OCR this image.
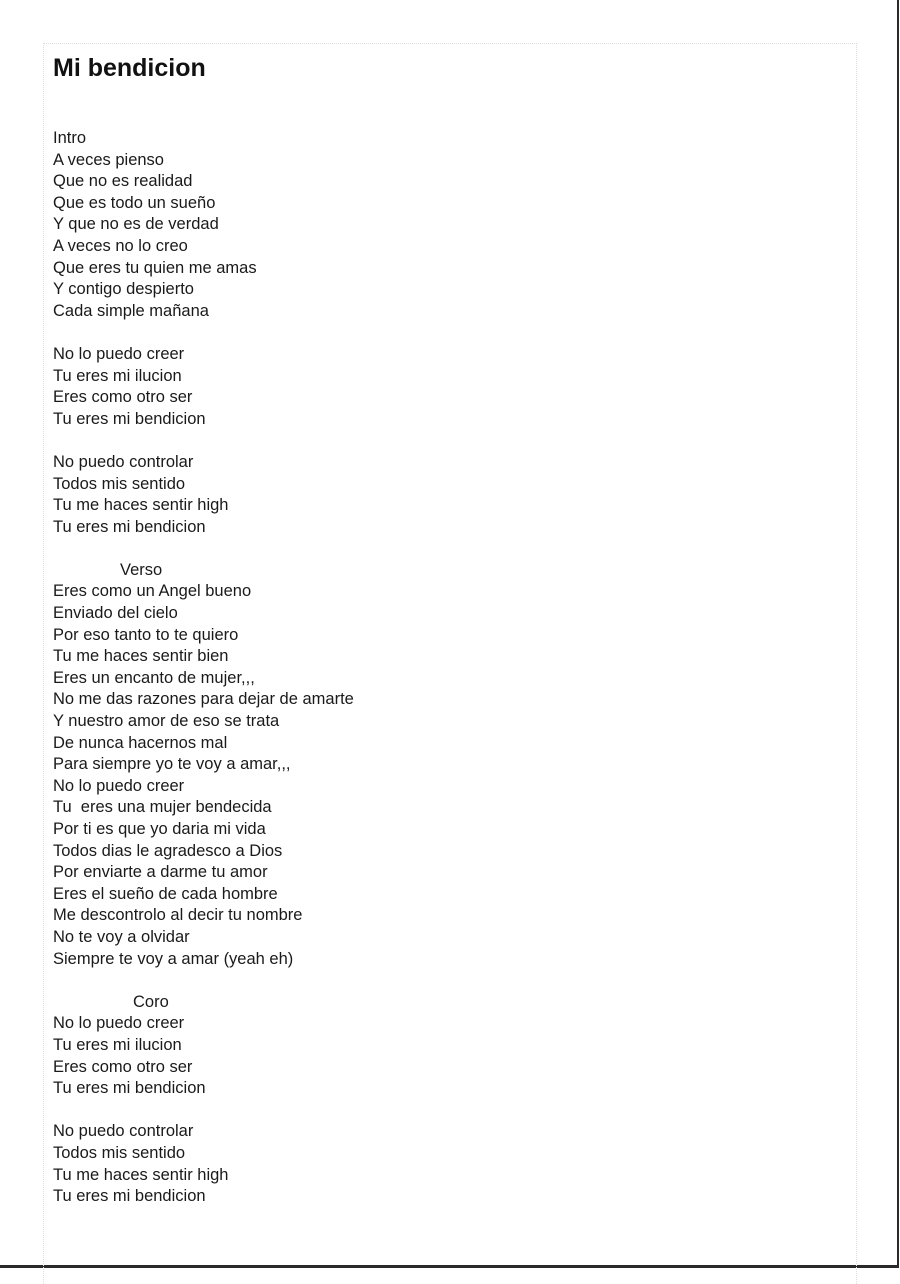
Mi bendicion
Intro
A veces pienso
Que no es realidad
Que es todo un sueño
Y que no es de verdad
A veces no lo creo
Que eres tu quien me amas
Y contigo despierto
Cada simple mañana
No lo puedo creer
Tu eres mi ilucion
Eres como otro ser
Tu eres mi bendicion
No puedo controlar
Todos mis sentido
Tu me haces sentir high
Tu eres mi bendicion
Verso
Eres como un Angel bueno
Enviado del cielo
Por eso tanto to te quiero
Tu me haces sentir bien
Eres un encanto de mujer,,,
No me das razones para dejar de amarte
Y nuestro amor de eso se trata
De nunca hacernos mal
Para siempre yo te voy a amar,,,
No lo puedo creer
Tu  eres una mujer bendecida
Por ti es que yo daria mi vida
Todos dias le agradesco a Dios
Por enviarte a darme tu amor
Eres el sueño de cada hombre
Me descontrolo al decir tu nombre
No te voy a olvidar
Siempre te voy a amar (yeah eh)
Coro
No lo puedo creer
Tu eres mi ilucion
Eres como otro ser
Tu eres mi bendicion
No puedo controlar
Todos mis sentido
Tu me haces sentir high
Tu eres mi bendicion
